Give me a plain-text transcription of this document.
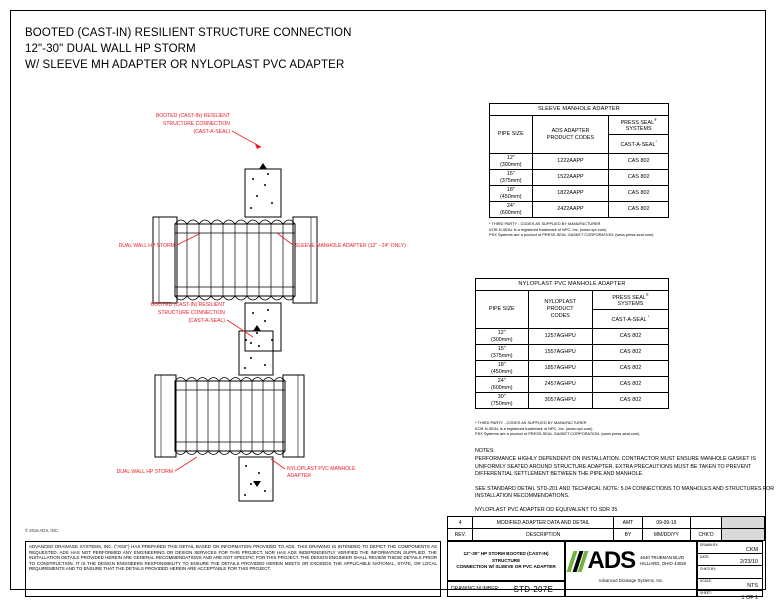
BOOTED (CAST-IN) RESILIENT STRUCTURE CONNECTION
12"-30" DUAL WALL HP STORM
W/ SLEEVE MH ADAPTER OR NYLOPLAST PVC ADAPTER
BOOTED (CAST-IN) RESILIENT
STRUCTURE CONNECTION
(CAST-A-SEAL)
DUAL WALL HP STORM	SLEEVE MANHOLE ADAPTER (12" - 24" ONLY)
BOOTED (CAST-IN) RESILIENT
STRUCTURE CONNECTION
(CAST-A-SEAL)
DUAL WALL HP STORM	NYLOPLAST PVC MANHOLE
ADAPTER
© 2019 ADS, INC.
SLEEVE MANHOLE ADAPTER		
PIPE SIZE	ADS ADAPTER
PRODUCT CODES	PRESS SEAL®
SYSTEMS
		CAST-A-SEAL*
12"
(300mm)	1222AAPP	CAS 802
15"
(375mm)	1522AAPP	CAS 802
18"
(450mm)	1822AAPP	CAS 802
24"
(600mm)	2422AAPP	CAS 802
* THIRD PARTY - CODES AS SUPPLIED BY MANUFACTURER
KOR-N-SEAL is a registered trademark of NPC, Inc. (www.npc.com)
PSX Systems are a product of PRESS-SEAL GASKET CORPORATION. (www.press-seal.com)
NYLOPLAST PVC MANHOLE ADAPTER		
PIPE SIZE	NYLOPLAST
PRODUCT
CODES	PRESS SEAL®
SYSTEMS
		CAST-A-SEAL *
12"
(300mm)	1257AGHPU	CAS 802
15"
(375mm)	1557AGHPU	CAS 802
18"
(450mm)	1857AGHPU	CAS 802
24"
(600mm)	2457AGHPU	CAS 802
30"
(750mm)	3057AGHPU	CAS 802
* THIRD PARTY - CODES AS SUPPLIED BY MANUFACTURER
KOR-N-SEAL is a registered trademark of NPC, Inc. (www.npc.com)
PSX Systems are a product of PRESS-SEAL GASKET CORPORATION. (www.press-seal.com)
NOTES:

PERFORMANCE HIGHLY DEPENDENT ON INSTALLATION. CONTRACTOR MUST ENSURE MANHOLE GASKET IS UNIFORMLY SEATED AROUND STRUCTURE ADAPTER. EXTRA PRECAUTIONS MUST BE TAKEN TO PREVENT DIFFERENTIAL SETTLEMENT BETWEEN THE PIPE AND MANHOLE.

SEE STANDARD DETAIL STD-201 AND TECHNICAL NOTE: 5.04 CONNECTIONS TO MANHOLES AND STRUCTURES FOR INSTALLATION RECOMMENDATIONS.

NYLOPLAST PVC ADAPTER OD EQUIVALENT TO SDR 35

4	MODIFIED ADAPTER DATA AND DETAIL	AMT	09-09-19		
REV.	DESCRIPTION	BY	MM/DD/YY	CHK'D	
ADVANCED DRAINAGE SYSTEMS, INC. ("ADS") HAS PREPARED THIS DETAIL BASED ON INFORMATION PROVIDED TO ADS. THIS DRAWING IS INTENDED TO DEPICT THE COMPONENTS AS REQUESTED. ADS HAS NOT PERFORMED ANY ENGINEERING OR DESIGN SERVICES FOR THIS PROJECT, NOR HAS ADS INDEPENDENTLY VERIFIED THE INFORMATION SUPPLIED. THE INSTALLATION DETAILS PROVIDED HEREIN ARE GENERAL RECOMMENDATIONS AND ARE NOT SPECIFIC FOR THIS PROJECT. THE DESIGN ENGINEER SHALL REVIEW THESE DETAILS PRIOR TO CONSTRUCTION. IT IS THE DESIGN ENGINEERS RESPONSIBILITY TO ENSURE THE DETAILS PROVIDED HEREIN MEETS OR EXCEEDS THE APPLICABLE NATIONAL, STATE, OR LOCAL REQUIREMENTS AND TO ENSURE THAT THE DETAILS PROVIDED HEREIN ARE ACCEPTABLE FOR THIS PROJECT.
12"-30" HP STORM BOOTED (CAST-IN) STRUCTURE
CONNECTION W/ SLEEVE OR PVC ADAPTER
DRAWING NUMBER: STD-207E
ADS 4640 TRUEMAN BLVD
HILLIARD, OHIO 43026
Advanced Drainage Systems, Inc.
DRAWN BY:
CKM
DATE:
2/23/10
CHK'D BY:
SCALE:
NTS
SHEET:
1 OF 1
